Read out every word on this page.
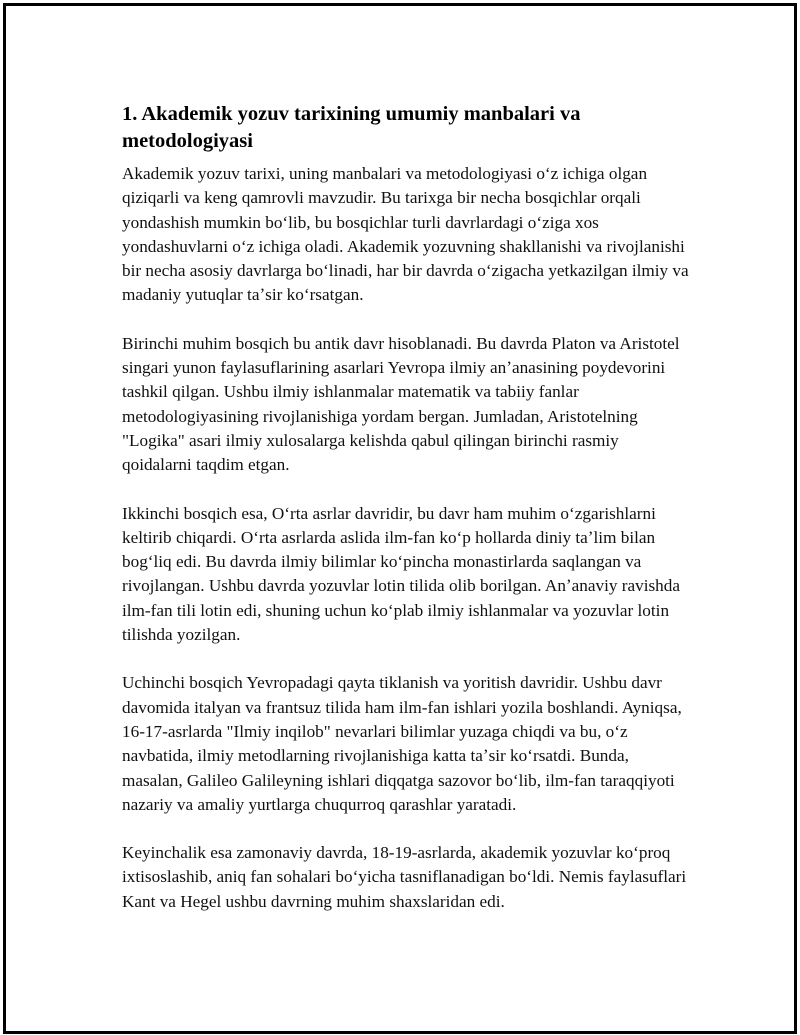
1. Akademik yozuv tarixining umumiy manbalari va metodologiyasi

Akademik yozuv tarixi, uning manbalari va metodologiyasi oʻz ichiga olgan qiziqarli va keng qamrovli mavzudir. Bu tarixga bir necha bosqichlar orqali yondashish mumkin boʻlib, bu bosqichlar turli davrlardagi oʻziga xos yondashuvlarni oʻz ichiga oladi. Akademik yozuvning shakllanishi va rivojlanishi bir necha asosiy davrlarga boʻlinadi, har bir davrda oʻzigacha yetkazilgan ilmiy va madaniy yutuqlar taʼsir koʻrsatgan.

Birinchi muhim bosqich bu antik davr hisoblanadi. Bu davrda Platon va Aristotel singari yunon faylasuflarining asarlari Yevropa ilmiy anʼanasining poydevorini tashkil qilgan. Ushbu ilmiy ishlanmalar matematik va tabiiy fanlar metodologiyasining rivojlanishiga yordam bergan. Jumladan, Aristotelning "Logika" asari ilmiy xulosalarga kelishda qabul qilingan birinchi rasmiy qoidalarni taqdim etgan.

Ikkinchi bosqich esa, Oʻrta asrlar davridir, bu davr ham muhim oʻzgarishlarni keltirib chiqardi. Oʻrta asrlarda aslida ilm-fan koʻp hollarda diniy taʼlim bilan bogʻliq edi. Bu davrda ilmiy bilimlar koʻpincha monastirlarda saqlangan va rivojlangan. Ushbu davrda yozuvlar lotin tilida olib borilgan. Anʼanaviy ravishda ilm-fan tili lotin edi, shuning uchun koʻplab ilmiy ishlanmalar va yozuvlar lotin tilishda yozilgan.

Uchinchi bosqich Yevropadagi qayta tiklanish va yoritish davridir. Ushbu davr davomida italyan va frantsuz tilida ham ilm-fan ishlari yozila boshlandi. Ayniqsa, 16-17-asrlarda "Ilmiy inqilob" nevarlari bilimlar yuzaga chiqdi va bu, oʻz navbatida, ilmiy metodlarning rivojlanishiga katta taʼsir koʻrsatdi. Bunda, masalan, Galileo Galileyning ishlari diqqatga sazovor boʻlib, ilm-fan taraqqiyoti nazariy va amaliy yurtlarga chuqurroq qarashlar yaratadi.

Keyinchalik esa zamonaviy davrda, 18-19-asrlarda, akademik yozuvlar koʻproq ixtisoslashib, aniq fan sohalari boʻyicha tasniflanadigan boʻldi. Nemis faylasuflari Kant va Hegel ushbu davrning muhim shaxslaridan edi.
